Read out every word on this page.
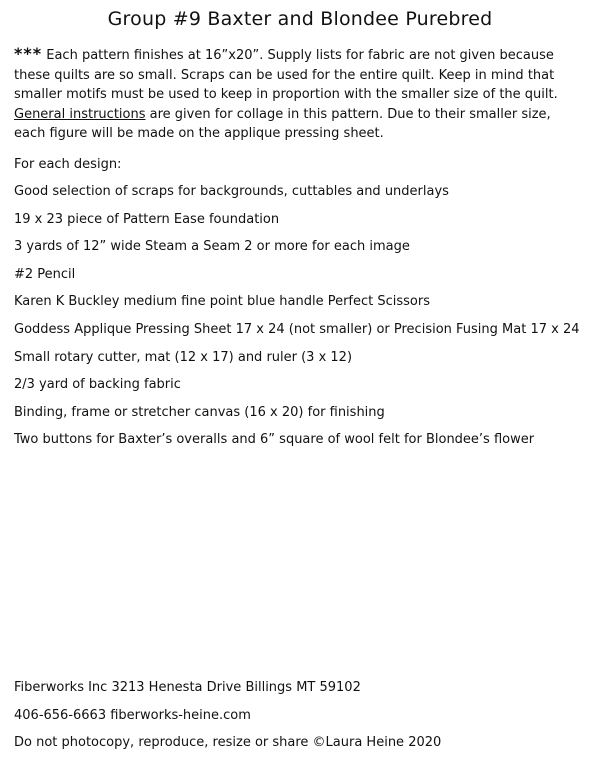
Group #9 Baxter and Blondee Purebred
*** Each pattern finishes at 16”x20”. Supply lists for fabric are not given because these quilts are so small. Scraps can be used for the entire quilt. Keep in mind that smaller motifs must be used to keep in proportion with the smaller size of the quilt. General instructions are given for collage in this pattern. Due to their smaller size, each figure will be made on the applique pressing sheet.
For each design:
Good selection of scraps for backgrounds, cuttables and underlays
19 x 23 piece of Pattern Ease foundation
3 yards of 12” wide Steam a Seam 2 or more for each image
#2 Pencil
Karen K Buckley medium fine point blue handle Perfect Scissors
Goddess Applique Pressing Sheet 17 x 24 (not smaller) or Precision Fusing Mat 17 x 24
Small rotary cutter, mat (12 x 17) and ruler (3 x 12)
2/3 yard of backing fabric
Binding, frame or stretcher canvas (16 x 20) for finishing
Two buttons for Baxter’s overalls and 6” square of wool felt for Blondee’s flower
Fiberworks Inc 3213 Henesta Drive Billings MT 59102
406-656-6663 fiberworks-heine.com
Do not photocopy, reproduce, resize or share ©Laura Heine 2020
